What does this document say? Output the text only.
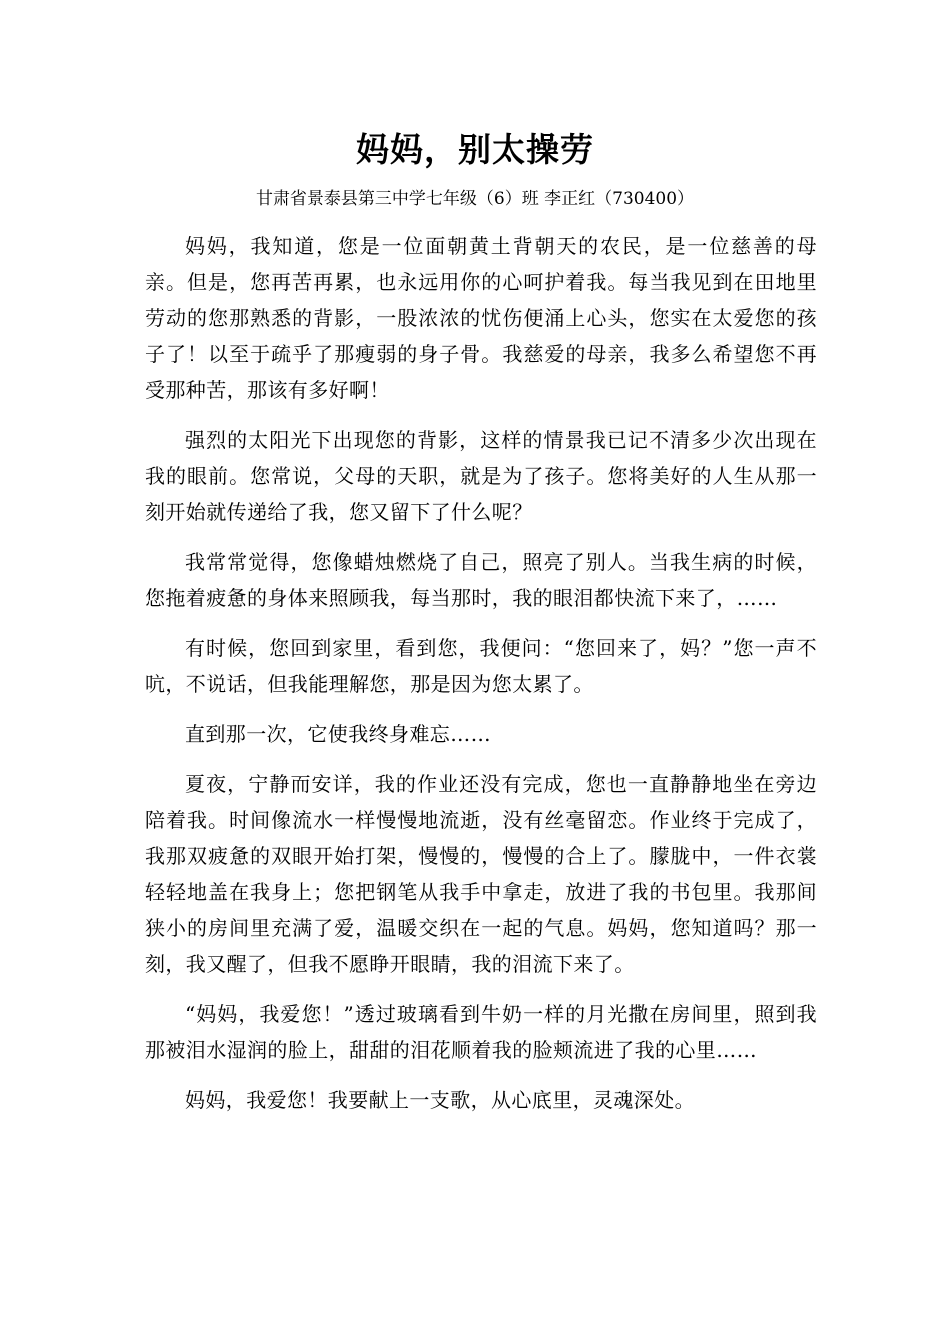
妈妈，别太操劳

甘肃省景泰县第三中学七年级（6）班 李正红（730400）

妈妈，我知道，您是一位面朝黄土背朝天的农民，是一位慈善的母亲。但是，您再苦再累，也永远用你的心呵护着我。每当我见到在田地里劳动的您那熟悉的背影，一股浓浓的忧伤便涌上心头，您实在太爱您的孩子了！以至于疏乎了那瘦弱的身子骨。我慈爱的母亲，我多么希望您不再受那种苦，那该有多好啊！

强烈的太阳光下出现您的背影，这样的情景我已记不清多少次出现在我的眼前。您常说，父母的天职，就是为了孩子。您将美好的人生从那一刻开始就传递给了我，您又留下了什么呢？

我常常觉得，您像蜡烛燃烧了自己，照亮了别人。当我生病的时候，您拖着疲惫的身体来照顾我，每当那时，我的眼泪都快流下来了，……

有时候，您回到家里，看到您，我便问：“您回来了，妈？”您一声不吭，不说话，但我能理解您，那是因为您太累了。

直到那一次，它使我终身难忘……

夏夜，宁静而安详，我的作业还没有完成，您也一直静静地坐在旁边陪着我。时间像流水一样慢慢地流逝，没有丝毫留恋。作业终于完成了，我那双疲惫的双眼开始打架，慢慢的，慢慢的合上了。朦胧中，一件衣裳轻轻地盖在我身上；您把钢笔从我手中拿走，放进了我的书包里。我那间狭小的房间里充满了爱，温暖交织在一起的气息。妈妈，您知道吗？那一刻，我又醒了，但我不愿睁开眼睛，我的泪流下来了。

“妈妈，我爱您！”透过玻璃看到牛奶一样的月光撒在房间里，照到我那被泪水湿润的脸上，甜甜的泪花顺着我的脸颊流进了我的心里……

妈妈，我爱您！我要献上一支歌，从心底里，灵魂深处。
